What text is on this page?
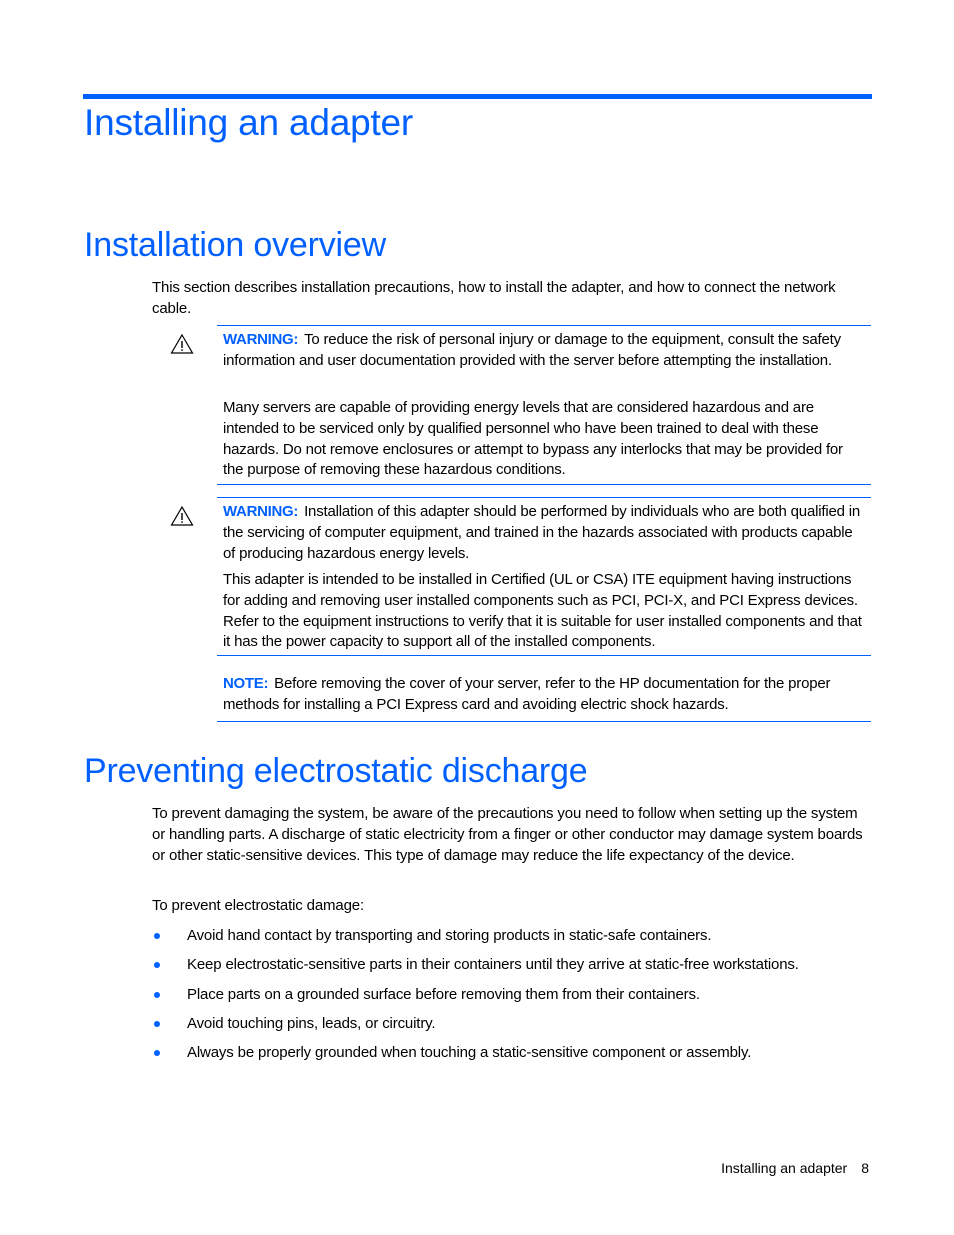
Installing an adapter
Installation overview

This section describes installation precautions, how to install the adapter, and how to connect the network cable.

WARNING: To reduce the risk of personal injury or damage to the equipment, consult the safety information and user documentation provided with the server before attempting the installation.

Many servers are capable of providing energy levels that are considered hazardous and are intended to be serviced only by qualified personnel who have been trained to deal with these hazards. Do not remove enclosures or attempt to bypass any interlocks that may be provided for the purpose of removing these hazardous conditions.

WARNING: Installation of this adapter should be performed by individuals who are both qualified in the servicing of computer equipment, and trained in the hazards associated with products capable of producing hazardous energy levels.

This adapter is intended to be installed in Certified (UL or CSA) ITE equipment having instructions for adding and removing user installed components such as PCI, PCI-X, and PCI Express devices. Refer to the equipment instructions to verify that it is suitable for user installed components and that it has the power capacity to support all of the installed components.

NOTE: Before removing the cover of your server, refer to the HP documentation for the proper methods for installing a PCI Express card and avoiding electric shock hazards.

Preventing electrostatic discharge

To prevent damaging the system, be aware of the precautions you need to follow when setting up the system or handling parts. A discharge of static electricity from a finger or other conductor may damage system boards or other static-sensitive devices. This type of damage may reduce the life expectancy of the device.

To prevent electrostatic damage:

Avoid hand contact by transporting and storing products in static-safe containers.
Keep electrostatic-sensitive parts in their containers until they arrive at static-free workstations.
Place parts on a grounded surface before removing them from their containers.
Avoid touching pins, leads, or circuitry.
Always be properly grounded when touching a static-sensitive component or assembly.
Installing an adapter 8
